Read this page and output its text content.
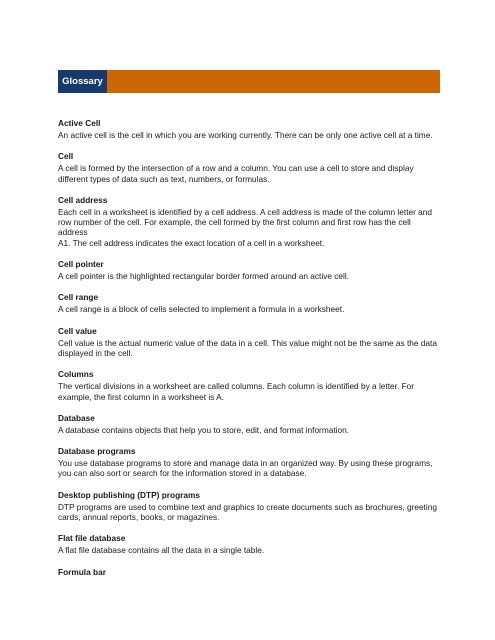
Glossary

Active Cell

An active cell is the cell in which you are working currently. There can be only one active cell at a time.

Cell

A cell is formed by the intersection of a row and a column. You can use a cell to store and display
different types of data such as text, numbers, or formulas.

Cell address

Each cell in a worksheet is identified by a cell address. A cell address is made of the column letter and
row number of the cell. For example, the cell formed by the first column and first row has the cell address
A1. The cell address indicates the exact location of a cell in a worksheet.

Cell pointer

A cell pointer is the highlighted rectangular border formed around an active cell.

Cell range

A cell range is a block of cells selected to implement a formula in a worksheet.

Cell value

Cell value is the actual numeric value of the data in a cell. This value might not be the same as the data
displayed in the cell.

Columns

The vertical divisions in a worksheet are called columns. Each column is identified by a letter. For
example, the first column in a worksheet is A.

Database

A database contains objects that help you to store, edit, and format information.

Database programs

You use database programs to store and manage data in an organized way. By using these programs,
you can also sort or search for the information stored in a database.

Desktop publishing (DTP) programs

DTP programs are used to combine text and graphics to create documents such as brochures, greeting
cards, annual reports, books, or magazines.

Flat file database

A flat file database contains all the data in a single table.

Formula bar
